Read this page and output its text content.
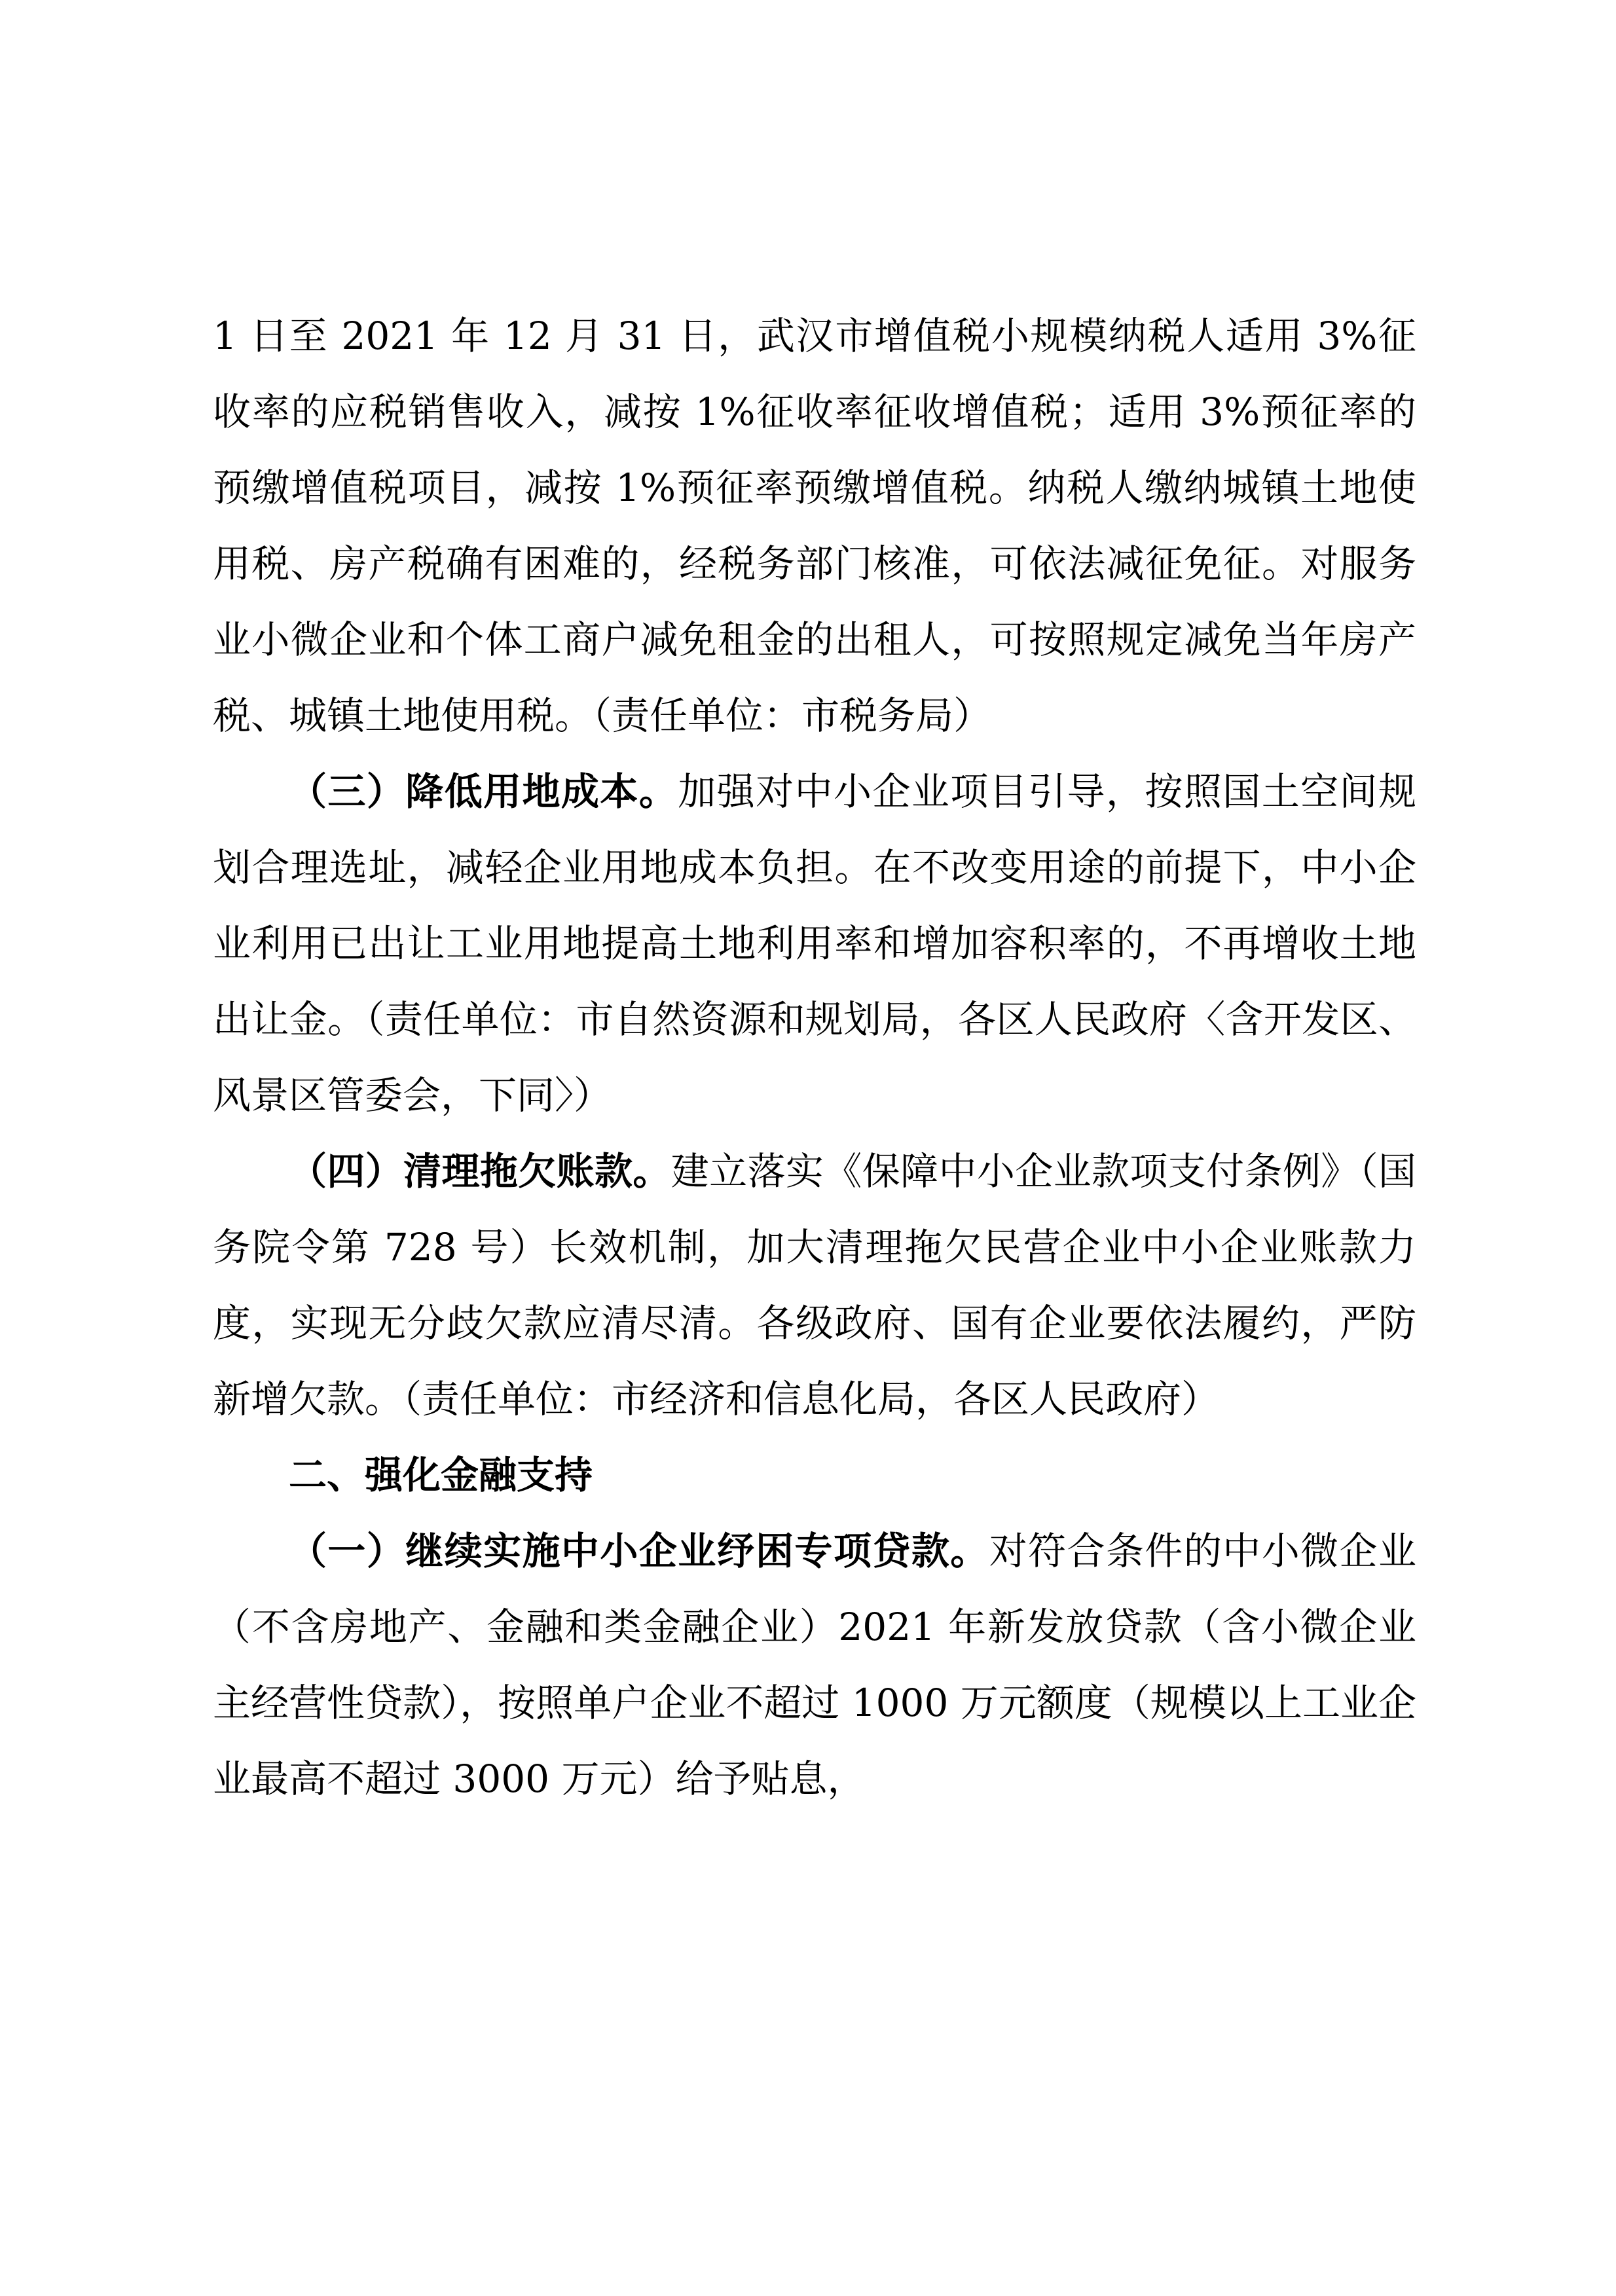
1 日至 2021 年 12 月 31 日，武汉市增值税小规模纳税人适用 3%征收率的应税销售收入，减按 1%征收率征收增值税；适用 3%预征率的预缴增值税项目，减按 1%预征率预缴增值税。纳税人缴纳城镇土地使用税、房产税确有困难的，经税务部门核准，可依法减征免征。对服务业小微企业和个体工商户减免租金的出租人，可按照规定减免当年房产税、城镇土地使用税。（责任单位：市税务局）

（三）降低用地成本。加强对中小企业项目引导，按照国土空间规划合理选址，减轻企业用地成本负担。在不改变用途的前提下，中小企业利用已出让工业用地提高土地利用率和增加容积率的，不再增收土地出让金。（责任单位：市自然资源和规划局，各区人民政府〈含开发区、风景区管委会，下同〉）

（四）清理拖欠账款。建立落实《保障中小企业款项支付条例》（国务院令第 728 号）长效机制，加大清理拖欠民营企业中小企业账款力度，实现无分歧欠款应清尽清。各级政府、国有企业要依法履约，严防新增欠款。（责任单位：市经济和信息化局，各区人民政府）

二、强化金融支持

（一）继续实施中小企业纾困专项贷款。对符合条件的中小微企业（不含房地产、金融和类金融企业）2021 年新发放贷款（含小微企业主经营性贷款），按照单户企业不超过 1000 万元额度（规模以上工业企业最高不超过 3000 万元）给予贴息，
